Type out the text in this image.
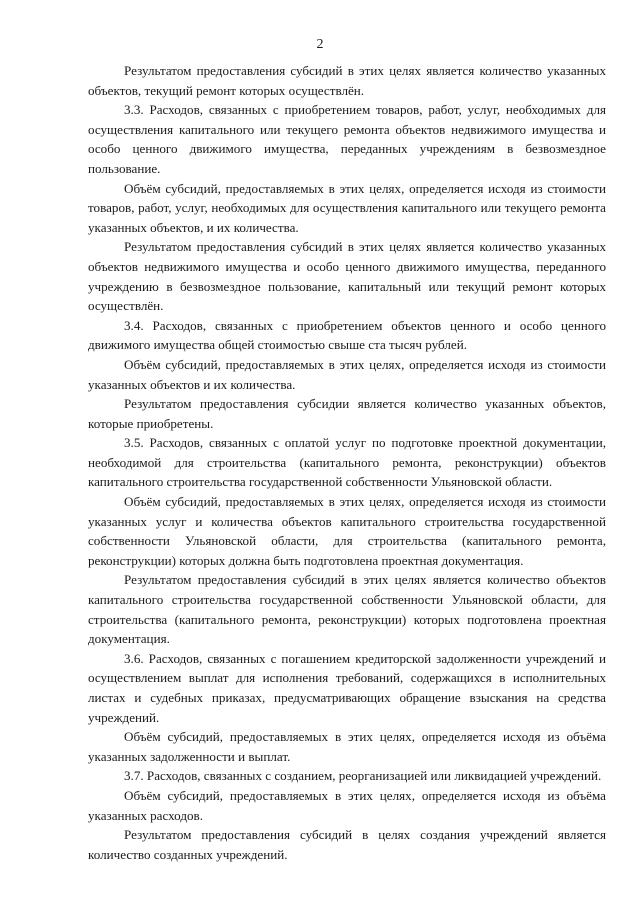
2

Результатом предоставления субсидий в этих целях является количество указанных объектов, текущий ремонт которых осуществлён.

3.3. Расходов, связанных с приобретением товаров, работ, услуг, необходимых для осуществления капитального или текущего ремонта объектов недвижимого имущества и особо ценного движимого имущества, переданных учреждениям в безвозмездное пользование.

Объём субсидий, предоставляемых в этих целях, определяется исходя из стоимости товаров, работ, услуг, необходимых для осуществления капитального или текущего ремонта указанных объектов, и их количества.

Результатом предоставления субсидий в этих целях является количество указанных объектов недвижимого имущества и особо ценного движимого имущества, переданного учреждению в безвозмездное пользование, капитальный или текущий ремонт которых осуществлён.

3.4. Расходов, связанных с приобретением объектов ценного и особо ценного движимого имущества общей стоимостью свыше ста тысяч рублей.

Объём субсидий, предоставляемых в этих целях, определяется исходя из стоимости указанных объектов и их количества.

Результатом предоставления субсидии является количество указанных объектов, которые приобретены.

3.5. Расходов, связанных с оплатой услуг по подготовке проектной документации, необходимой для строительства (капитального ремонта, реконструкции) объектов капитального строительства государственной собственности Ульяновской области.

Объём субсидий, предоставляемых в этих целях, определяется исходя из стоимости указанных услуг и количества объектов капитального строительства государственной собственности Ульяновской области, для строительства (капитального ремонта, реконструкции) которых должна быть подготовлена проектная документация.

Результатом предоставления субсидий в этих целях является количество объектов капитального строительства государственной собственности Ульяновской области, для строительства (капитального ремонта, реконструкции) которых подготовлена проектная документация.

3.6. Расходов, связанных с погашением кредиторской задолженности учреждений и осуществлением выплат для исполнения требований, содержащихся в исполнительных листах и судебных приказах, предусматривающих обращение взыскания на средства учреждений.

Объём субсидий, предоставляемых в этих целях, определяется исходя из объёма указанных задолженности и выплат.

3.7. Расходов, связанных с созданием, реорганизацией или ликвидацией учреждений.

Объём субсидий, предоставляемых в этих целях, определяется исходя из объёма указанных расходов.

Результатом предоставления субсидий в целях создания учреждений является количество созданных учреждений.
